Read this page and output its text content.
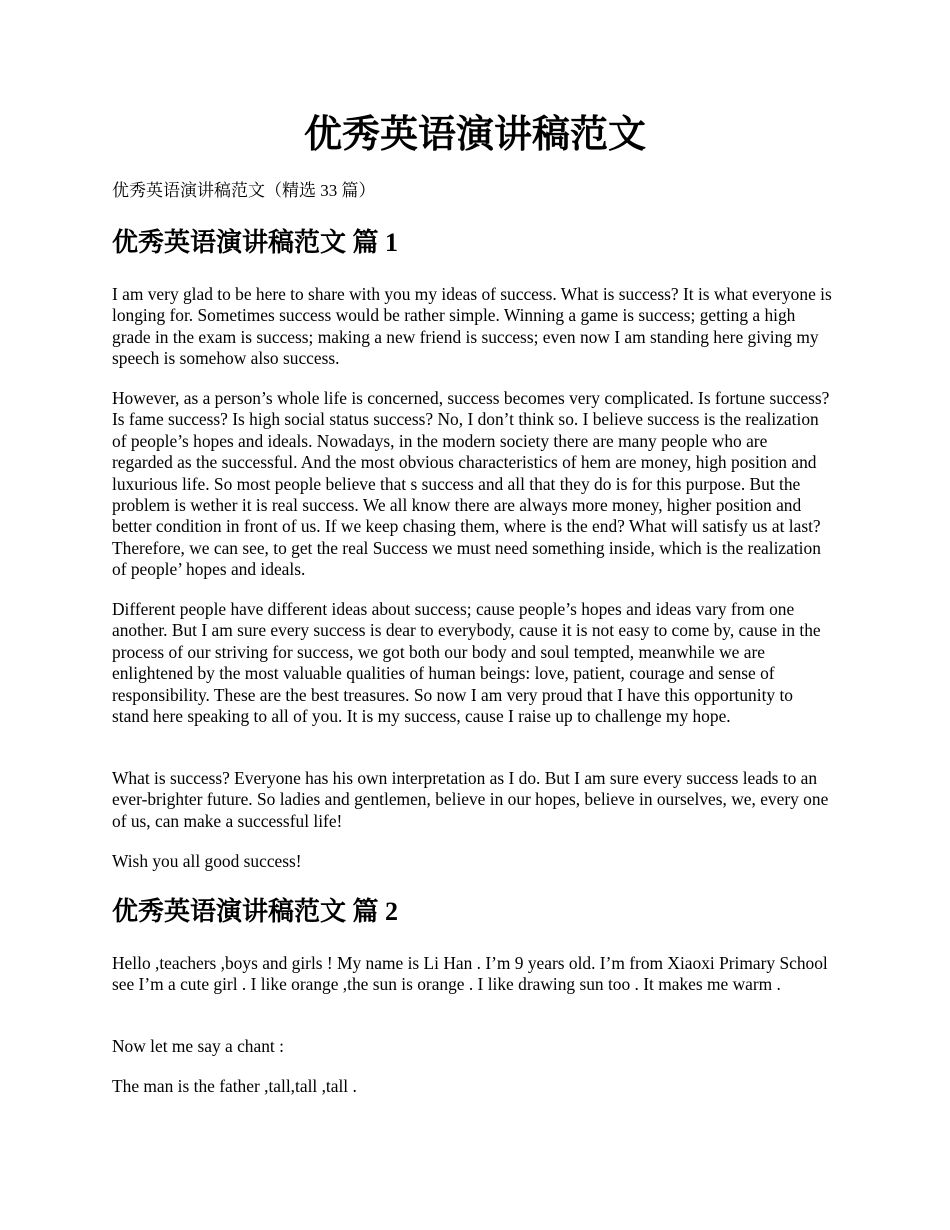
优秀英语演讲稿范文

优秀英语演讲稿范文（精选 33 篇）

优秀英语演讲稿范文 篇 1

I am very glad to be here to share with you my ideas of success. What is success? It is what everyone is longing for. Sometimes success would be rather simple. Winning a game is success; getting a high grade in the exam is success; making a new friend is success; even now I am standing here giving my speech is somehow also success.

However, as a person’s whole life is concerned, success becomes very complicated. Is fortune success? Is fame success? Is high social status success? No, I don’t think so. I believe success is the realization of people’s hopes and ideals. Nowadays, in the modern society there are many people who are regarded as the successful. And the most obvious characteristics of hem are money, high position and luxurious life. So most people believe that s success and all that they do is for this purpose. But the problem is wether it is real success. We all know there are always more money, higher position and better condition in front of us. If we keep chasing them, where is the end? What will satisfy us at last? Therefore, we can see, to get the real Success we must need something inside, which is the realization of people’ hopes and ideals.

Different people have different ideas about success; cause people’s hopes and ideas vary from one another. But I am sure every success is dear to everybody, cause it is not easy to come by, cause in the process of our striving for success, we got both our body and soul tempted, meanwhile we are enlightened by the most valuable qualities of human beings: love, patient, courage and sense of responsibility. These are the best treasures. So now I am very proud that I have this opportunity to stand here speaking to all of you. It is my success, cause I raise up to challenge my hope.

What is success? Everyone has his own interpretation as I do. But I am sure every success leads to an ever-brighter future. So ladies and gentlemen, believe in our hopes, believe in ourselves, we, every one of us, can make a successful life!

Wish you all good success!

优秀英语演讲稿范文 篇 2

Hello ,teachers ,boys and girls ! My name is Li Han . I’m 9 years old. I’m from Xiaoxi Primary School see I’m a cute girl . I like orange ,the sun is orange . I like drawing sun too . It makes me warm .

Now let me say a chant :

The man is the father ,tall,tall ,tall .
